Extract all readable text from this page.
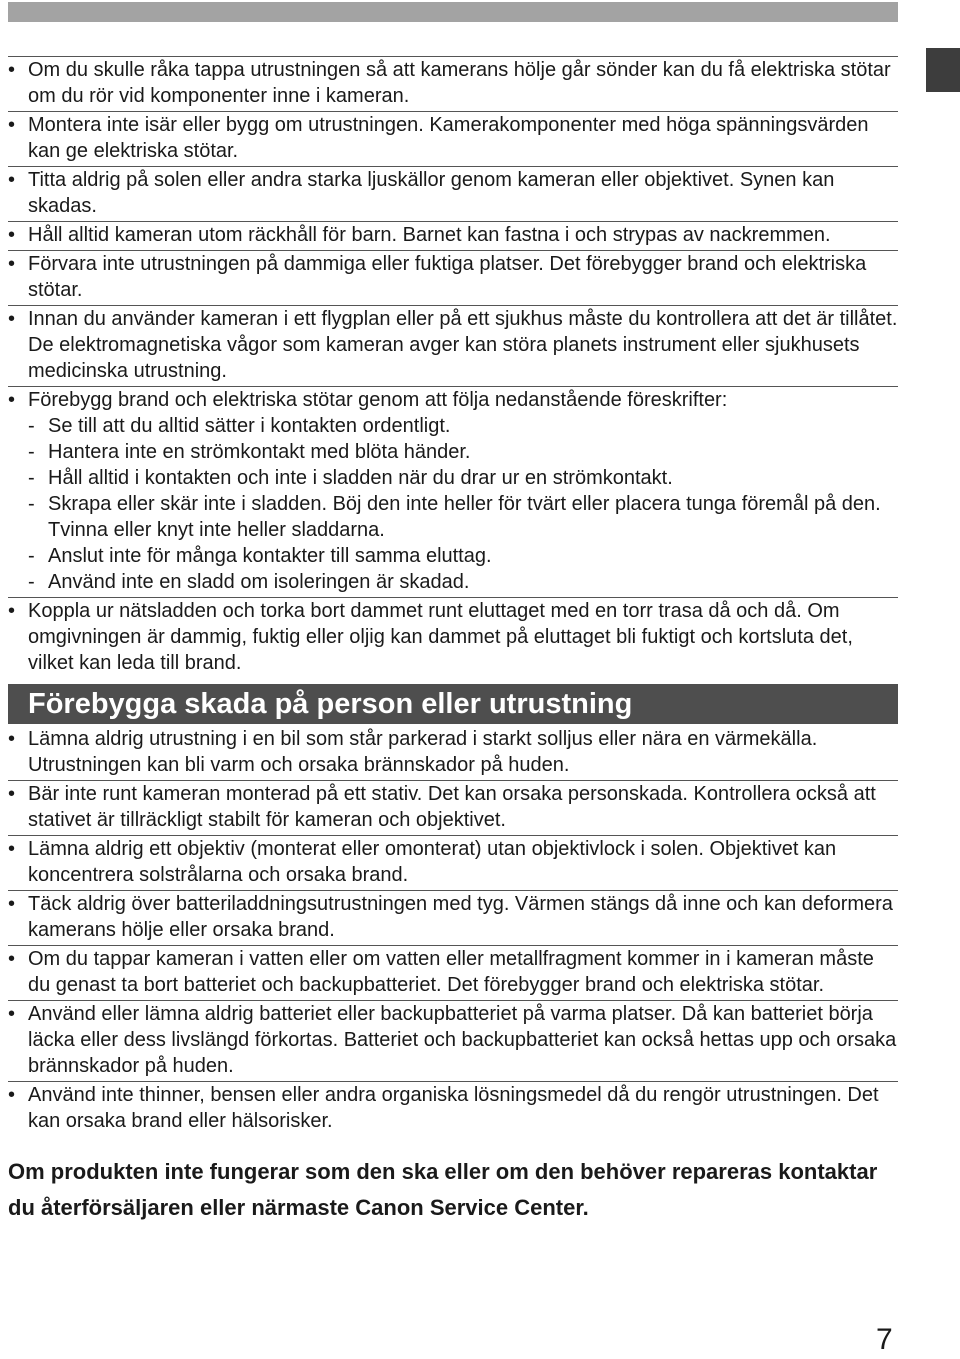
• Om du skulle råka tappa utrustningen så att kamerans hölje går sönder kan du få elektriska stötar om du rör vid komponenter inne i kameran.
• Montera inte isär eller bygg om utrustningen. Kamerakomponenter med höga spänningsvärden kan ge elektriska stötar.
• Titta aldrig på solen eller andra starka ljuskällor genom kameran eller objektivet. Synen kan skadas.
• Håll alltid kameran utom räckhåll för barn. Barnet kan fastna i och strypas av nackremmen.
• Förvara inte utrustningen på dammiga eller fuktiga platser. Det förebygger brand och elektriska stötar.
• Innan du använder kameran i ett flygplan eller på ett sjukhus måste du kontrollera att det är tillåtet. De elektromagnetiska vågor som kameran avger kan störa planets instrument eller sjukhusets medicinska utrustning.
• Förebygg brand och elektriska stötar genom att följa nedanstående föreskrifter:
- Se till att du alltid sätter i kontakten ordentligt.
- Hantera inte en strömkontakt med blöta händer.
- Håll alltid i kontakten och inte i sladden när du drar ur en strömkontakt.
- Skrapa eller skär inte i sladden. Böj den inte heller för tvärt eller placera tunga föremål på den. Tvinna eller knyt inte heller sladdarna.
- Anslut inte för många kontakter till samma eluttag.
- Använd inte en sladd om isoleringen är skadad.
• Koppla ur nätsladden och torka bort dammet runt eluttaget med en torr trasa då och då. Om omgivningen är dammig, fuktig eller oljig kan dammet på eluttaget bli fuktigt och kortsluta det, vilket kan leda till brand.
Förebygga skada på person eller utrustning
• Lämna aldrig utrustning i en bil som står parkerad i starkt solljus eller nära en värmekälla. Utrustningen kan bli varm och orsaka brännskador på huden.
• Bär inte runt kameran monterad på ett stativ. Det kan orsaka personskada. Kontrollera också att stativet är tillräckligt stabilt för kameran och objektivet.
• Lämna aldrig ett objektiv (monterat eller omonterat) utan objektivlock i solen. Objektivet kan koncentrera solstrålarna och orsaka brand.
• Täck aldrig över batteriladdningsutrustningen med tyg. Värmen stängs då inne och kan deformera kamerans hölje eller orsaka brand.
• Om du tappar kameran i vatten eller om vatten eller metallfragment kommer in i kameran måste du genast ta bort batteriet och backupbatteriet. Det förebygger brand och elektriska stötar.
• Använd eller lämna aldrig batteriet eller backupbatteriet på varma platser. Då kan batteriet börja läcka eller dess livslängd förkortas. Batteriet och backupbatteriet kan också hettas upp och orsaka brännskador på huden.
• Använd inte thinner, bensen eller andra organiska lösningsmedel då du rengör utrustningen. Det kan orsaka brand eller hälsorisker.
Om produkten inte fungerar som den ska eller om den behöver repareras kontaktar du återförsäljaren eller närmaste Canon Service Center.
7
